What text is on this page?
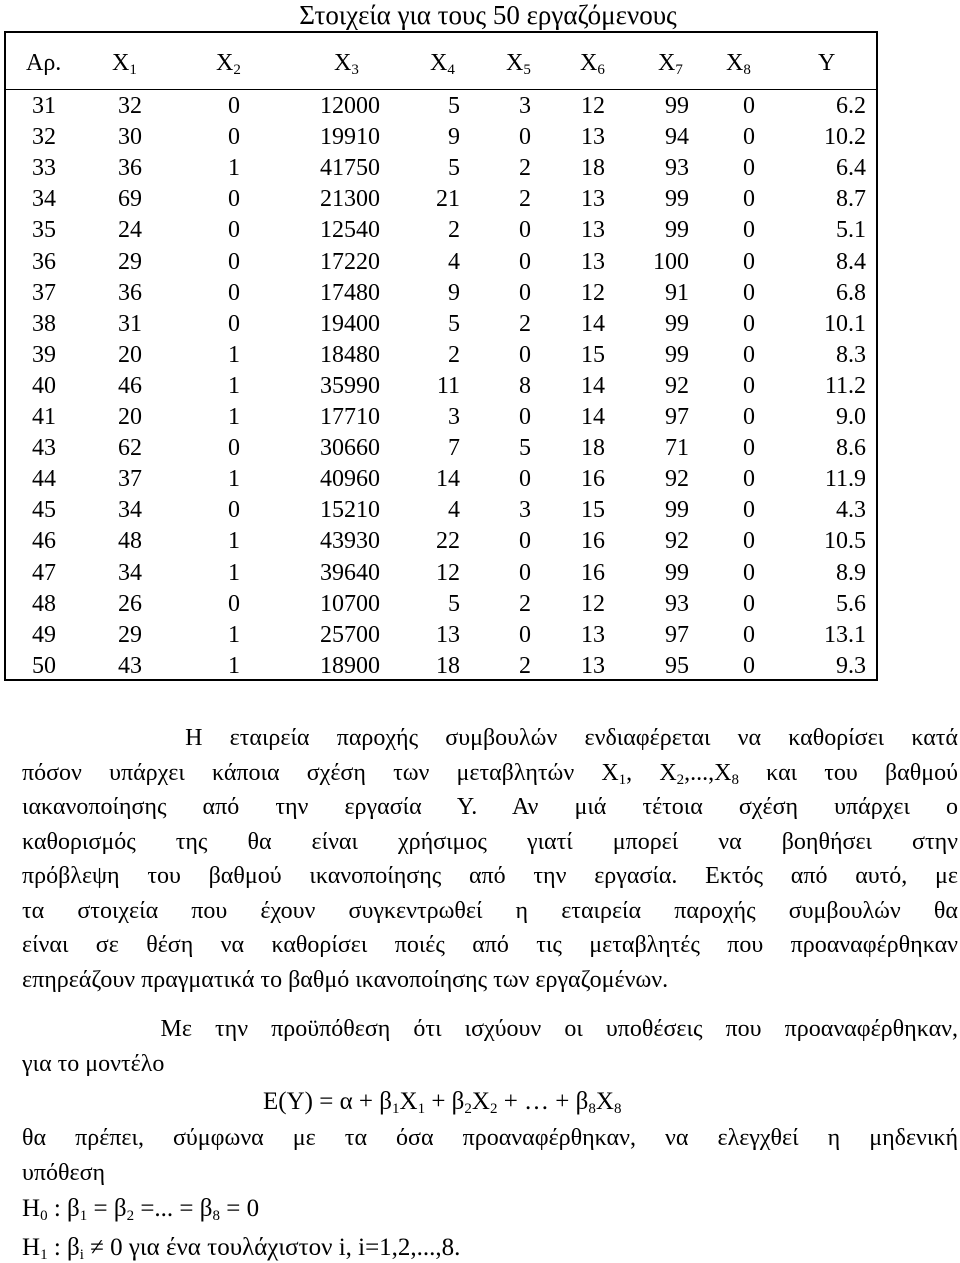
Στοιχεία για τους 50 εργαζόμενους
Αρ. $X_1$	$X_2$	$X_3$	$X_4$ $X_5$ $X_6$ $X_7$ $X_8$	Y
31	32	0	12000	5 3 12	99 0	6.2
32	30	0	19910	9 0 13	94 0	10.2
33	36	1	41750	5 2 18	93 0	6.4
34	69	0	21300 21 2 13	99 0	8.7
35	24	0	12540	2 0 13	99 0	5.1
36	29	0	17220	4 0 13 100 0	8.4
37	36	0	17480	9 0 12	91 0	6.8
38	31	0	19400	5 2 14	99 0	10.1
39	20	1	18480	2 0 15	99 0	8.3
40	46	1	35990 11 8 14	92 0	11.2
41	20	1	17710	3 0 14	97 0	9.0
43	62	0	30660	7 5 18	71 0	8.6
44	37	1	40960 14 0 16	92 0	11.9
45	34	0	15210	4 3 15	99 0	4.3
46	48	1	43930 22 0 16	92 0	10.5
47	34	1	39640 12 0 16	99 0	8.9
48	26	0	10700	5 2 12	93 0	5.6
49	29	1	25700 13 0 13	97 0	13.1
50	43	1	18900 18 2 13	95 0	9.3
Η εταιρεία παροχής συμβουλών ενδιαφέρεται να καθορίσει κατά
πόσον υπάρχει κάποια σχέση των μεταβλητών $X_1$, $X_2,...,X_8$ και του βαθμού
ιακανοποίησης από την εργασία Υ. Αν μιά τέτοια σχέση υπάρχει ο
καθορισμός της θα είναι χρήσιμος γιατί μπορεί να βοηθήσει στην
πρόβλεψη του βαθμού ικανοποίησης από την εργασία. Εκτός από αυτό, με
τα στοιχεία που έχουν συγκεντρωθεί η εταιρεία παροχής συμβουλών θα
είναι σε θέση να καθορίσει ποιές από τις μεταβλητές που προαναφέρθηκαν
επηρεάζουν πραγματικά το βαθμό ικανοποίησης των εργαζομένων.
Με την προϋπόθεση ότι ισχύουν οι υποθέσεις που προαναφέρθηκαν,
για το μοντέλο
$E(Y) = \alpha + \beta_1X_1 + \beta_2X_2$ + … + $\beta_8X_8$
θα πρέπει, σύμφωνα με τα όσα προαναφέρθηκαν, να ελεγχθεί η μηδενική
υπόθεση
$H_0$ : $\beta_1 = \beta_2$ =... = $\beta_8 = 0$
$H_1$ : $\beta_i \ne 0$ για ένα τουλάχιστον i, i=1,2,...,8.
